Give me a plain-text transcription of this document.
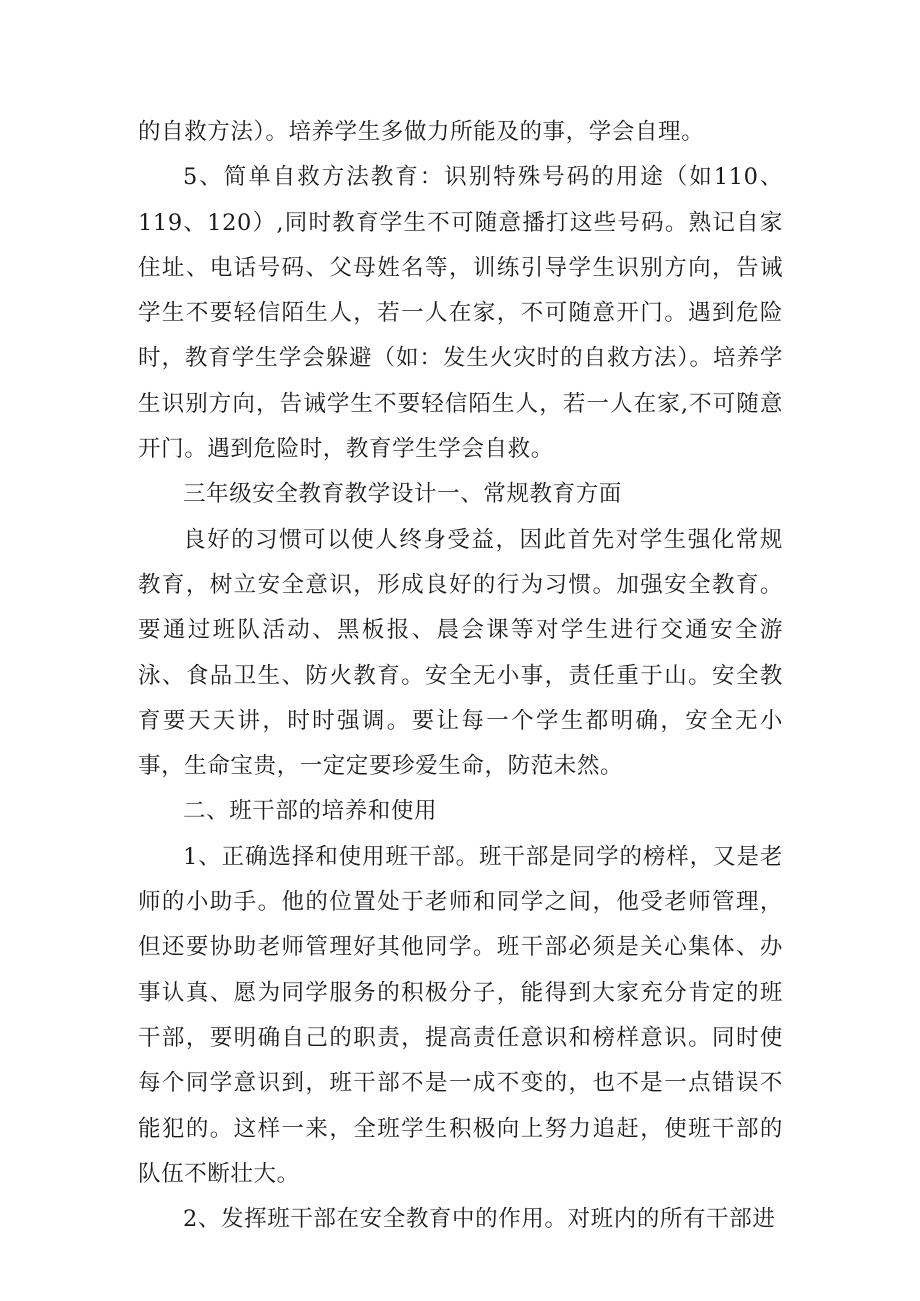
的自救方法）。培养学生多做力所能及的事，学会自理。

5、简单自救方法教育：识别特殊号码的用途（如110、119、120）,同时教育学生不可随意播打这些号码。熟记自家住址、电话号码、父母姓名等，训练引导学生识别方向，告诫学生不要轻信陌生人，若一人在家，不可随意开门。遇到危险时，教育学生学会躲避（如：发生火灾时的自救方法）。培养学生识别方向，告诫学生不要轻信陌生人，若一人在家,不可随意开门。遇到危险时，教育学生学会自救。

三年级安全教育教学设计一、常规教育方面

良好的习惯可以使人终身受益，因此首先对学生强化常规教育，树立安全意识，形成良好的行为习惯。加强安全教育。要通过班队活动、黑板报、晨会课等对学生进行交通安全游泳、食品卫生、防火教育。安全无小事，责任重于山。安全教育要天天讲，时时强调。要让每一个学生都明确，安全无小事，生命宝贵，一定定要珍爱生命，防范未然。

二、班干部的培养和使用

1、正确选择和使用班干部。班干部是同学的榜样，又是老师的小助手。他的位置处于老师和同学之间，他受老师管理，但还要协助老师管理好其他同学。班干部必须是关心集体、办事认真、愿为同学服务的积极分子，能得到大家充分肯定的班干部，要明确自己的职责，提高责任意识和榜样意识。同时使每个同学意识到，班干部不是一成不变的，也不是一点错误不能犯的。这样一来，全班学生积极向上努力追赶，使班干部的队伍不断壮大。

2、发挥班干部在安全教育中的作用。对班内的所有干部进
